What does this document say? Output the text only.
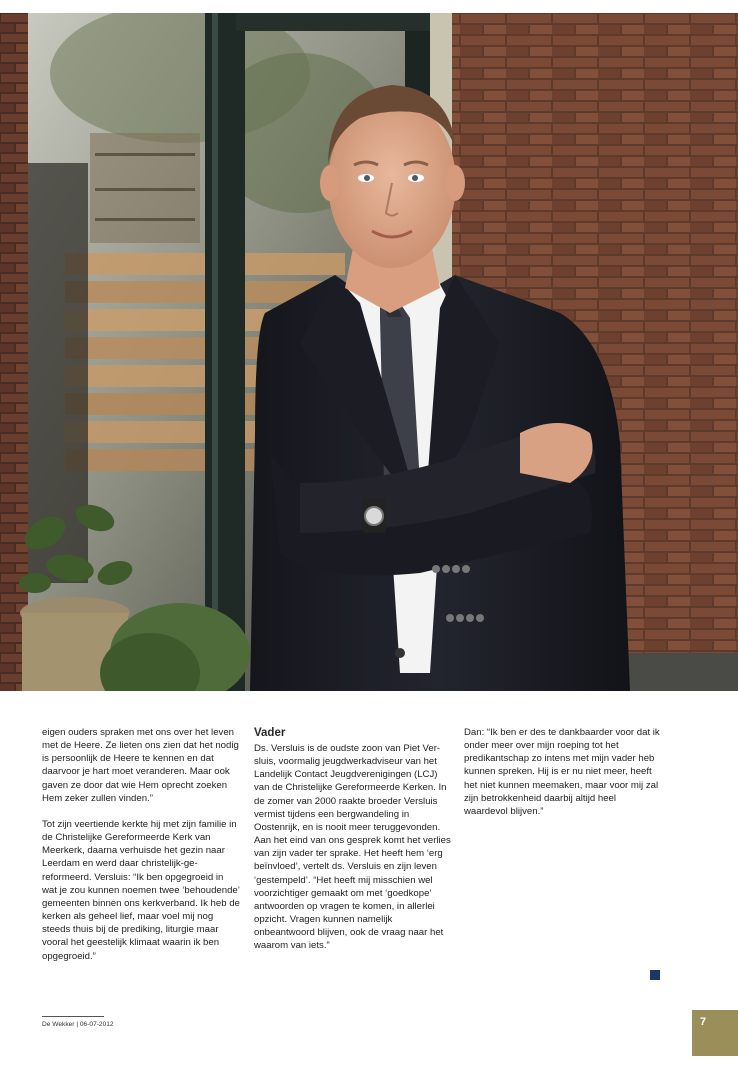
eigen ouders spraken met ons over het leven met de Heere. Ze lieten ons zien dat het nodig is persoonlijk de Heere te kennen en dat daarvoor je hart moet veranderen. Maar ook gaven ze door dat wie Hem oprecht zoeken Hem zeker zullen vinden.”

Tot zijn veertiende kerkte hij met zijn familie in de Christelijke Gereformeerde Kerk van Meerkerk, daarna verhuisde het gezin naar Leerdam en werd daar christelijk-gereformeerd. Versluis: “Ik ben opgegroeid in wat je zou kunnen noemen twee ‘behoudende’ gemeenten binnen ons kerkverband. Ik heb de kerken als geheel lief, maar voel mij nog steeds thuis bij de prediking, liturgie maar vooral het geestelijk klimaat waarin ik ben opgegroeid.”

Vader

Ds. Versluis is de oudste zoon van Piet Versluis, voormalig jeugdwerkadviseur van het Landelijk Contact Jeugdverenigingen (LCJ) van de Christelijke Gereformeerde Kerken. In de zomer van 2000 raakte broeder Versluis vermist tijdens een bergwandeling in Oostenrijk, en is nooit meer teruggevonden. Aan het eind van ons gesprek komt het verlies van zijn vader ter sprake. Het heeft hem ‘erg beïnvloed’, vertelt ds. Versluis en zijn leven ‘gestempeld’. “Het heeft mij misschien wel voorzichtiger gemaakt om met ‘goedkope’ antwoorden op vragen te komen, in allerlei opzicht. Vragen kunnen namelijk onbeantwoord blijven, ook de vraag naar het waarom van iets.”

Dan: “Ik ben er des te dankbaarder voor dat ik onder meer over mijn roeping tot het predikantschap zo intens met mijn vader heb kunnen spreken. Hij is er nu niet meer, heeft het niet kunnen meemaken, maar voor mij zal zijn betrokkenheid daarbij altijd heel waardevol blijven.”

De Wekker | 06-07-2012	7
